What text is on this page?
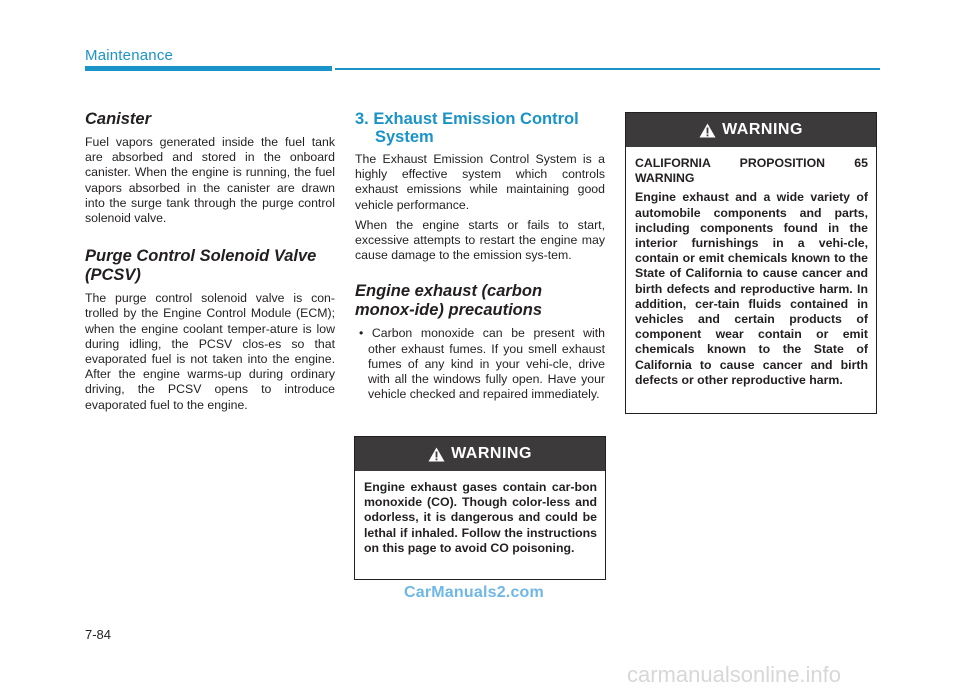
Maintenance
Canister

Fuel vapors generated inside the fuel tank are absorbed and stored in the onboard canister. When the engine is running, the fuel vapors absorbed in the canister are drawn into the surge tank through the purge control solenoid valve.

Purge Control Solenoid Valve (PCSV)

The purge control solenoid valve is con-trolled by the Engine Control Module (ECM); when the engine coolant temper-ature is low during idling, the PCSV clos-es so that evaporated fuel is not taken into the engine. After the engine warms-up during ordinary driving, the PCSV opens to introduce evaporated fuel to the engine.

3. Exhaust Emission Control System

The Exhaust Emission Control System is a highly effective system which controls exhaust emissions while maintaining good vehicle performance.

When the engine starts or fails to start, excessive attempts to restart the engine may cause damage to the emission sys-tem.

Engine exhaust (carbon monox-ide) precautions
• Carbon monoxide can be present with other exhaust fumes. If you smell exhaust fumes of any kind in your vehi-cle, drive with all the windows fully open. Have your vehicle checked and repaired immediately.
WARNING

CALIFORNIA PROPOSITION 65 WARNING

Engine exhaust and a wide variety of automobile components and parts, including components found in the interior furnishings in a vehi-cle, contain or emit chemicals known to the State of California to cause cancer and birth defects and reproductive harm. In addition, cer-tain fluids contained in vehicles and certain products of component wear contain or emit chemicals known to the State of California to cause cancer and birth defects or other reproductive harm.

WARNING

Engine exhaust gases contain car-bon monoxide (CO). Though color-less and odorless, it is dangerous and could be lethal if inhaled. Follow the instructions on this page to avoid CO poisoning.

CarManuals2.com
7-84
carmanualsonline.info
